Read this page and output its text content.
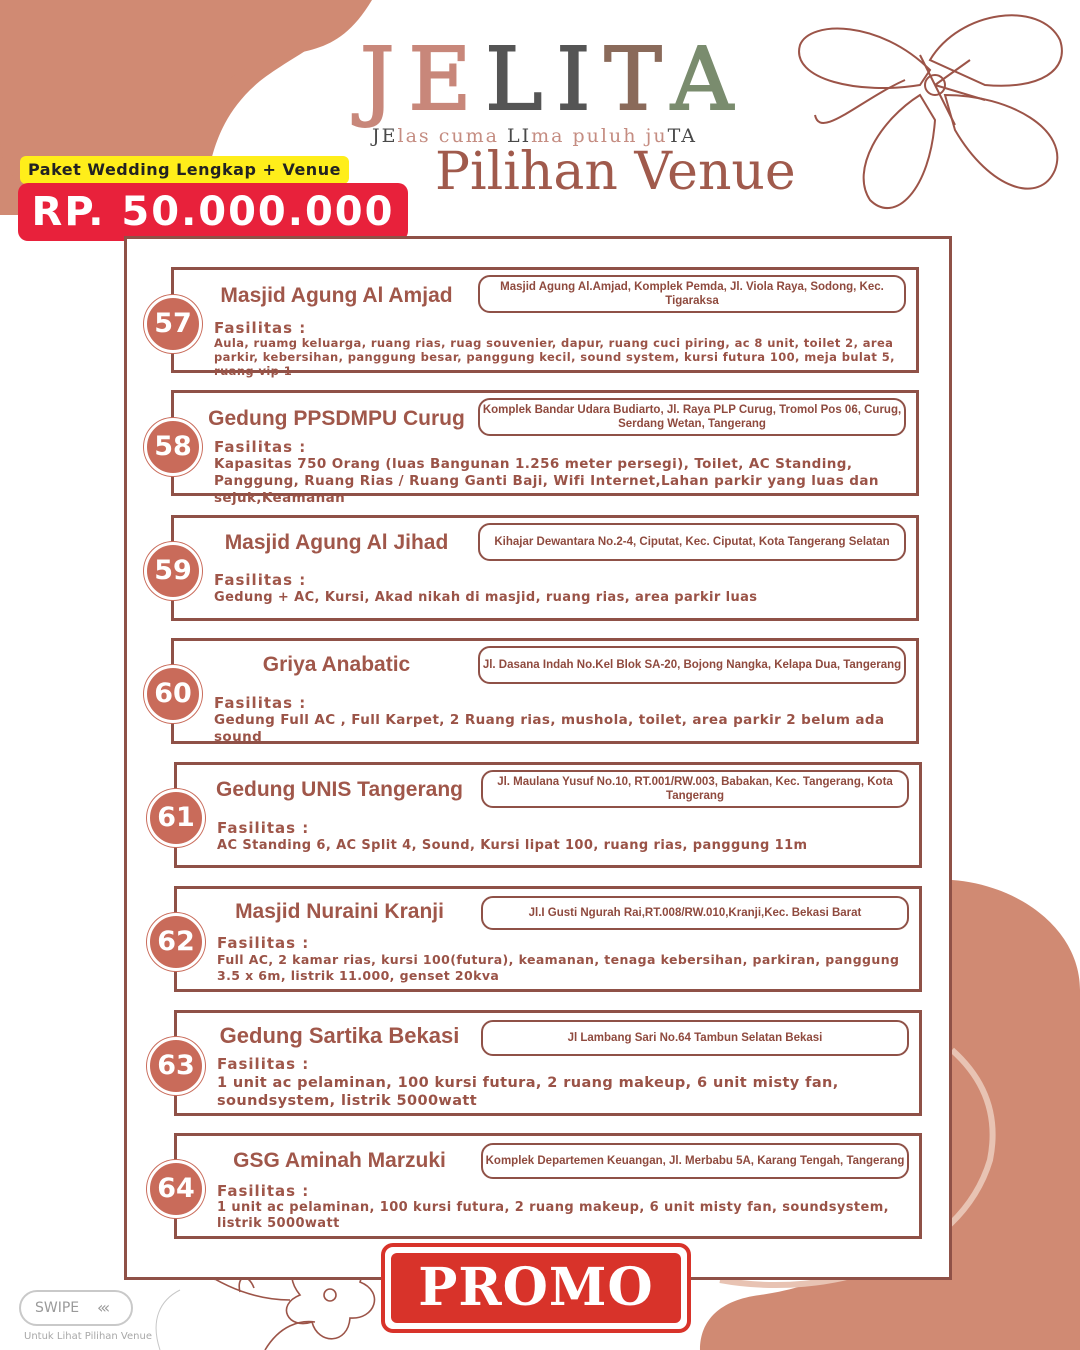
JELITA
JElas cuma LIma puluh juTA
Pilihan Venue
Paket Wedding Lengkap + Venue
RP. 50.000.000
Masjid Agung Al Amjad	Masjid Agung Al.Amjad, Komplek Pemda, Jl. Viola Raya, Sodong, Kec. Tigaraksa
Fasilitas :
Aula, ruamg keluarga, ruang rias, ruag souvenier, dapur, ruang cuci piring, ac 8 unit, toilet 2, area parkir, kebersihan, panggung besar, panggung kecil, sound system, kursi futura 100, meja bulat 5, ruang vip 1
57
Gedung PPSDMPU Curug	Komplek Bandar Udara Budiarto, Jl. Raya PLP Curug, Tromol Pos 06, Curug, Serdang Wetan, Tangerang
Fasilitas :
Kapasitas 750 Orang (luas Bangunan 1.256 meter persegi), Toilet, AC Standing, Panggung, Ruang Rias / Ruang Ganti Baji, Wifi Internet,Lahan parkir yang luas dan sejuk,Keamanan
58
Masjid Agung Al Jihad	Kihajar Dewantara No.2-4, Ciputat, Kec. Ciputat, Kota Tangerang Selatan
Fasilitas :
Gedung + AC, Kursi, Akad nikah di masjid, ruang rias, area parkir luas
59
Griya Anabatic	Jl. Dasana Indah No.Kel Blok SA-20, Bojong Nangka, Kelapa Dua, Tangerang
Fasilitas :
Gedung Full AC , Full Karpet, 2 Ruang rias, mushola, toilet, area parkir 2 belum ada sound
60
Gedung UNIS Tangerang	Jl. Maulana Yusuf No.10, RT.001/RW.003, Babakan, Kec. Tangerang, Kota Tangerang
Fasilitas :
AC Standing 6, AC Split 4, Sound, Kursi lipat 100, ruang rias, panggung 11m
61
Masjid Nuraini Kranji	Jl.I Gusti Ngurah Rai,RT.008/RW.010,Kranji,Kec. Bekasi Barat
Fasilitas :
Full AC, 2 kamar rias, kursi 100(futura), keamanan, tenaga kebersihan, parkiran, panggung 3.5 x 6m, listrik 11.000, genset 20kva
62
Gedung Sartika Bekasi	Jl Lambang Sari No.64 Tambun Selatan Bekasi
Fasilitas :
1 unit ac pelaminan, 100 kursi futura, 2 ruang makeup, 6 unit misty fan, soundsystem, listrik 5000watt
63
GSG Aminah Marzuki	Komplek Departemen Keuangan, Jl. Merbabu 5A, Karang Tengah, Tangerang
Fasilitas :
1 unit ac pelaminan, 100 kursi futura, 2 ruang makeup, 6 unit misty fan, soundsystem, listrik 5000watt
64
PROMO
SWIPE ‹‹‹
Untuk Lihat Pilihan Venue
